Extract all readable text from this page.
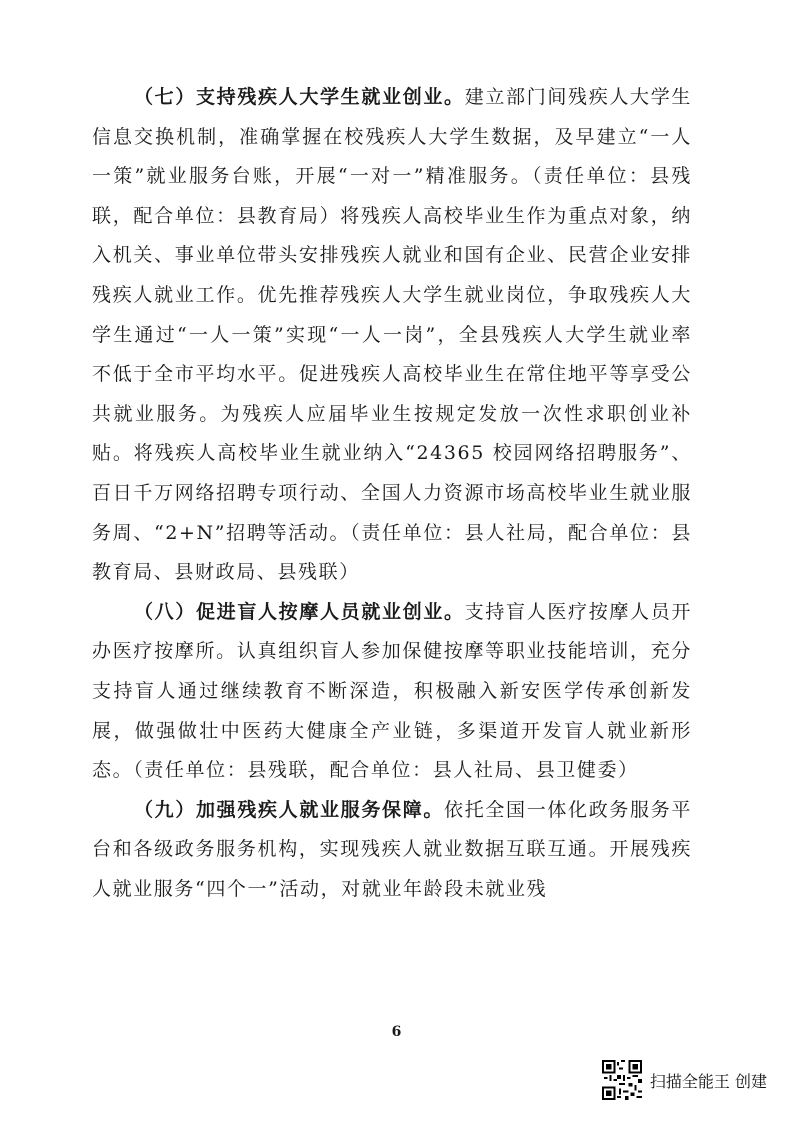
（七）支持残疾人大学生就业创业。建立部门间残疾人大学生信息交换机制，准确掌握在校残疾人大学生数据，及早建立“一人一策”就业服务台账，开展“一对一”精准服务。（责任单位：县残联，配合单位：县教育局）将残疾人高校毕业生作为重点对象，纳入机关、事业单位带头安排残疾人就业和国有企业、民营企业安排残疾人就业工作。优先推荐残疾人大学生就业岗位，争取残疾人大学生通过“一人一策”实现“一人一岗”，全县残疾人大学生就业率不低于全市平均水平。促进残疾人高校毕业生在常住地平等享受公共就业服务。为残疾人应届毕业生按规定发放一次性求职创业补贴。将残疾人高校毕业生就业纳入“24365 校园网络招聘服务”、百日千万网络招聘专项行动、全国人力资源市场高校毕业生就业服务周、“2+N”招聘等活动。（责任单位：县人社局，配合单位：县教育局、县财政局、县残联）

（八）促进盲人按摩人员就业创业。支持盲人医疗按摩人员开办医疗按摩所。认真组织盲人参加保健按摩等职业技能培训，充分支持盲人通过继续教育不断深造，积极融入新安医学传承创新发展，做强做壮中医药大健康全产业链，多渠道开发盲人就业新形态。（责任单位：县残联，配合单位：县人社局、县卫健委）

（九）加强残疾人就业服务保障。依托全国一体化政务服务平台和各级政务服务机构，实现残疾人就业数据互联互通。开展残疾人就业服务“四个一”活动，对就业年龄段未就业残

6
扫描全能王 创建
